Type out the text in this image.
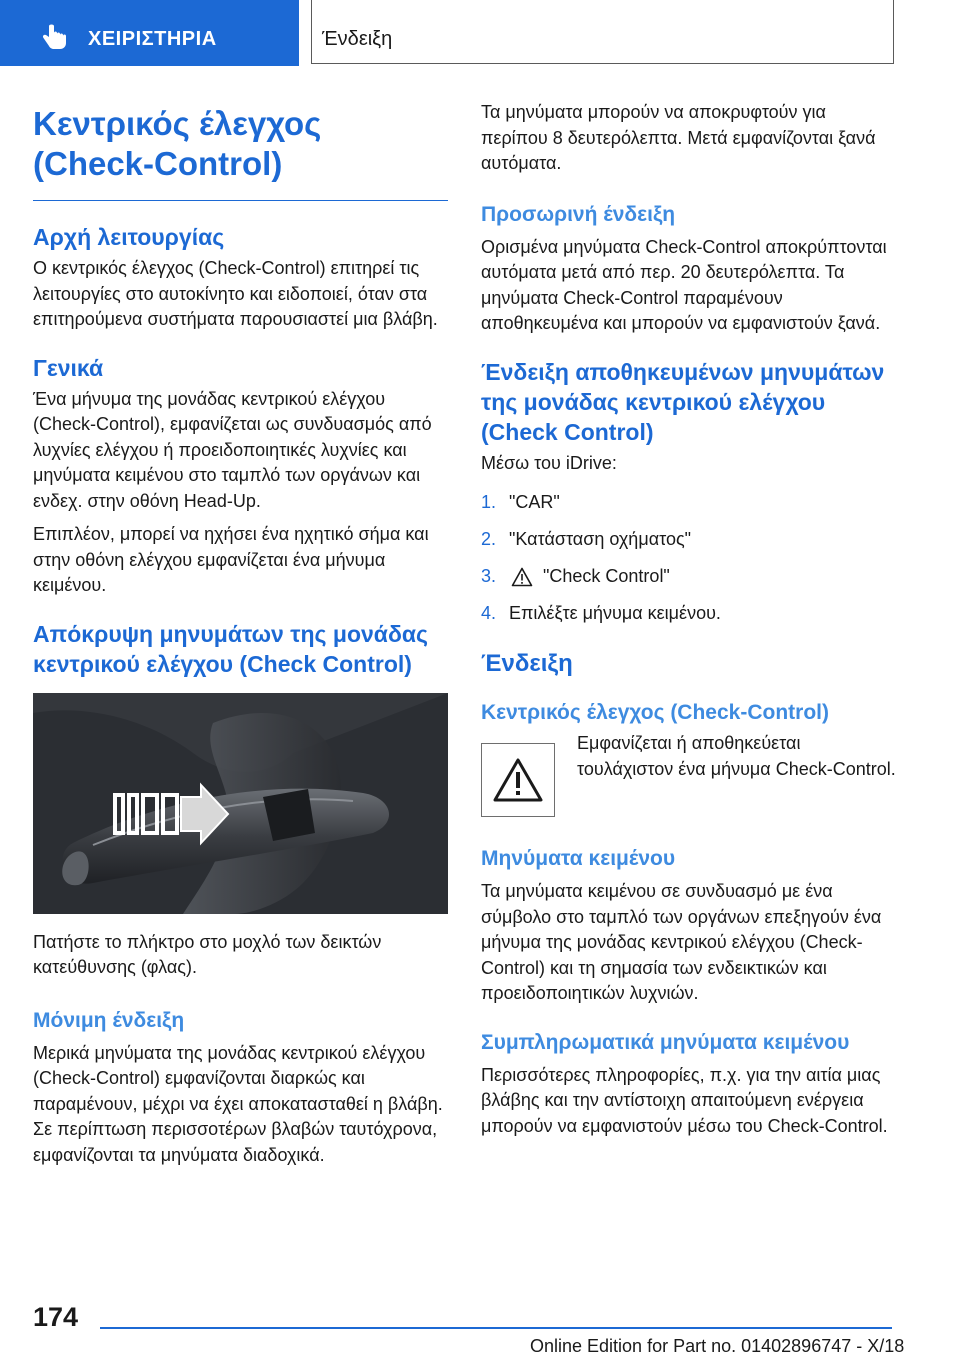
ΧΕΙΡΙΣΤΗΡΙΑ	Ένδειξη
Κεντρικός έλεγχος (Check-Control)
Αρχή λειτουργίας

Ο κεντρικός έλεγχος (Check-Control) επιτηρεί τις λειτουργίες στο αυτοκίνητο και ειδοποιεί, όταν στα επιτηρούμενα συστήματα παρουσιαστεί μια βλάβη.

Γενικά

Ένα μήνυμα της μονάδας κεντρικού ελέγχου (Check-Control), εμφανίζεται ως συνδυασμός από λυχνίες ελέγχου ή προειδοποιητικές λυχνίες και μηνύματα κειμένου στο ταμπλό των οργάνων και ενδεχ. στην οθόνη Head-Up.

Επιπλέον, μπορεί να ηχήσει ένα ηχητικό σήμα και στην οθόνη ελέγχου εμφανίζεται ένα μήνυμα κειμένου.

Απόκρυψη μηνυμάτων της μονάδας κεντρικού ελέγχου (Check Control)

Πατήστε το πλήκτρο στο μοχλό των δεικτών κατεύθυνσης (φλας).

Μόνιμη ένδειξη

Μερικά μηνύματα της μονάδας κεντρικού ελέγχου (Check-Control) εμφανίζονται διαρκώς και παραμένουν, μέχρι να έχει αποκατασταθεί η βλάβη. Σε περίπτωση περισσοτέρων βλαβών ταυτόχρονα, εμφανίζονται τα μηνύματα διαδοχικά.

Τα μηνύματα μπορούν να αποκρυφτούν για περίπου 8 δευτερόλεπτα. Μετά εμφανίζονται ξανά αυτόματα.

Προσωρινή ένδειξη

Ορισμένα μηνύματα Check-Control αποκρύπτονται αυτόματα μετά από περ. 20 δευτερόλεπτα. Τα μηνύματα Check-Control παραμένουν αποθηκευμένα και μπορούν να εμφανιστούν ξανά.

Ένδειξη αποθηκευμένων μηνυμάτων της μονάδας κεντρικού ελέγχου (Check Control)

Μέσω του iDrive:

1. "CAR"
2. "Κατάσταση οχήματος"
3.	"Check Control"
4. Επιλέξτε μήνυμα κειμένου.
Ένδειξη
Κεντρικός έλεγχος (Check-Control)

Εμφανίζεται ή αποθηκεύεται τουλάχιστον ένα μήνυμα Check-Control.

Μηνύματα κειμένου

Τα μηνύματα κειμένου σε συνδυασμό με ένα σύμβολο στο ταμπλό των οργάνων επεξηγούν ένα μήνυμα της μονάδας κεντρικού ελέγχου (Check-Control) και τη σημασία των ενδεικτικών και προειδοποιητικών λυχνιών.

Συμπληρωματικά μηνύματα κειμένου

Περισσότερες πληροφορίες, π.χ. για την αιτία μιας βλάβης και την αντίστοιχη απαιτούμενη ενέργεια μπορούν να εμφανιστούν μέσω του Check-Control.

174
Online Edition for Part no. 01402896747 - X/18
